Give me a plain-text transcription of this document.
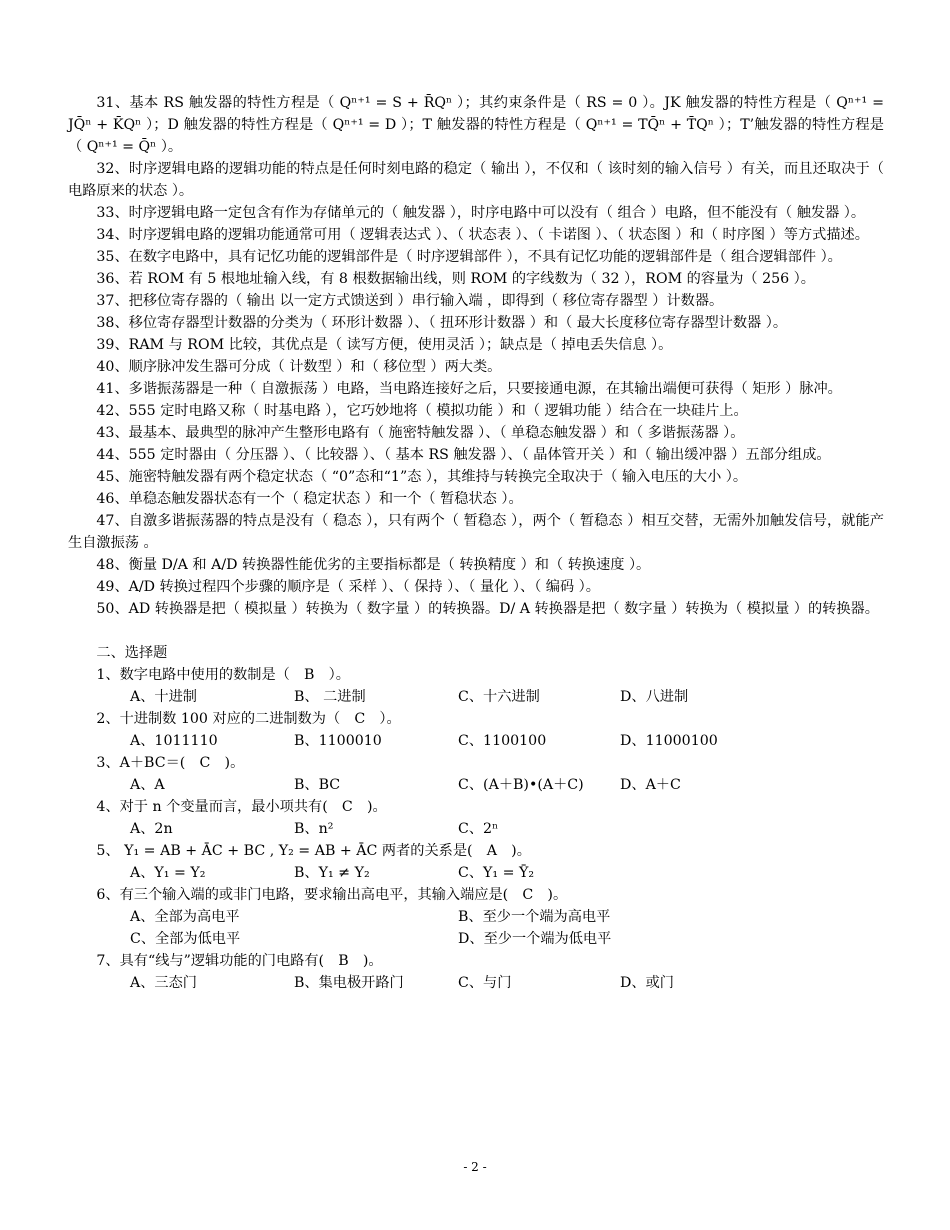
31、基本 RS 触发器的特性方程是（ Qⁿ⁺¹ = S + R̄Qⁿ ）；其约束条件是（ RS = 0 ）。JK 触发器的特性方程是（ Qⁿ⁺¹ = JQ̄ⁿ + K̄Qⁿ ）；D 触发器的特性方程是（ Qⁿ⁺¹ = D ）；T 触发器的特性方程是（ Qⁿ⁺¹ = TQ̄ⁿ + T̄Qⁿ ）；T’触发器的特性方程是（ Qⁿ⁺¹ = Q̄ⁿ ）。

32、时序逻辑电路的逻辑功能的特点是任何时刻电路的稳定（ 输出 ），不仅和（ 该时刻的输入信号 ）有关，而且还取决于（ 电路原来的状态 ）。

33、时序逻辑电路一定包含有作为存储单元的（ 触发器 ），时序电路中可以没有（ 组合 ）电路，但不能没有（ 触发器 ）。

34、时序逻辑电路的逻辑功能通常可用（ 逻辑表达式 ）、（ 状态表 ）、（ 卡诺图 ）、（ 状态图 ）和（ 时序图 ）等方式描述。

35、在数字电路中，具有记忆功能的逻辑部件是（ 时序逻辑部件 ），不具有记忆功能的逻辑部件是（ 组合逻辑部件 ）。

36、若 ROM 有 5 根地址输入线，有 8 根数据输出线，则 ROM 的字线数为（ 32 ），ROM 的容量为（ 256 ）。

37、把移位寄存器的（ 输出 以一定方式馈送到 ）串行输入端 ，即得到（ 移位寄存器型 ）计数器。

38、移位寄存器型计数器的分类为（ 环形计数器 ）、（ 扭环形计数器 ）和（ 最大长度移位寄存器型计数器 ）。

39、RAM 与 ROM 比较，其优点是（ 读写方便，使用灵活 ）；缺点是（ 掉电丢失信息 ）。

40、顺序脉冲发生器可分成（ 计数型 ）和（ 移位型 ）两大类。

41、多谐振荡器是一种（ 自激振荡 ）电路，当电路连接好之后，只要接通电源，在其输出端便可获得（ 矩形 ）脉冲。

42、555 定时电路又称（ 时基电路 ），它巧妙地将（ 模拟功能 ）和（ 逻辑功能 ）结合在一块硅片上。

43、最基本、最典型的脉冲产生整形电路有（ 施密特触发器 ）、（ 单稳态触发器 ）和（ 多谐振荡器 ）。

44、555 定时器由（ 分压器 ）、（ 比较器 ）、（ 基本 RS 触发器 ）、（ 晶体管开关 ）和（ 输出缓冲器 ）五部分组成。

45、施密特触发器有两个稳定状态（ “0”态和“1”态 ），其维持与转换完全取决于（ 输入电压的大小 ）。

46、单稳态触发器状态有一个（ 稳定状态 ）和一个（ 暂稳状态 ）。

47、自激多谐振荡器的特点是没有（ 稳态 ），只有两个（ 暂稳态 ），两个（ 暂稳态 ）相互交替，无需外加触发信号，就能产生自激振荡 。

48、衡量 D/A 和 A/D 转换器性能优劣的主要指标都是（ 转换精度 ）和（ 转换速度 ）。

49、A/D 转换过程四个步骤的顺序是（ 采样 ）、（ 保持 ）、（ 量化 ）、（ 编码 ）。

50、AD 转换器是把（ 模拟量 ）转换为（ 数字量 ）的转换器。D/ A 转换器是把（ 数字量 ）转换为（ 模拟量 ）的转换器。

二、选择题

1、数字电路中使用的数制是（　B　）。

A、十进制	B、 二进制	C、十六进制	D、八进制

2、十进制数 100 对应的二进制数为（　C　）。

A、1011110	B、1100010	C、1100100	D、11000100

3、A＋BC＝(　C　)。

A、A	B、BC	C、(A＋B)•(A＋C)	D、A＋C

4、对于 n 个变量而言，最小项共有(　C　)。

A、2n	B、n²	C、2ⁿ

5、 Y₁ = AB + ĀC + BC , Y₂ = AB + ĀC 两者的关系是(　A　)。

A、Y₁ = Y₂	B、Y₁ ≠ Y₂	C、Y₁ = Ȳ₂

6、有三个输入端的或非门电路，要求输出高电平，其输入端应是(　C　)。

A、全部为高电平	B、至少一个端为高电平
C、全部为低电平	D、至少一个端为低电平

7、具有“线与”逻辑功能的门电路有(　B　)。

A、三态门	B、集电极开路门	C、与门	D、或门
- 2 -
